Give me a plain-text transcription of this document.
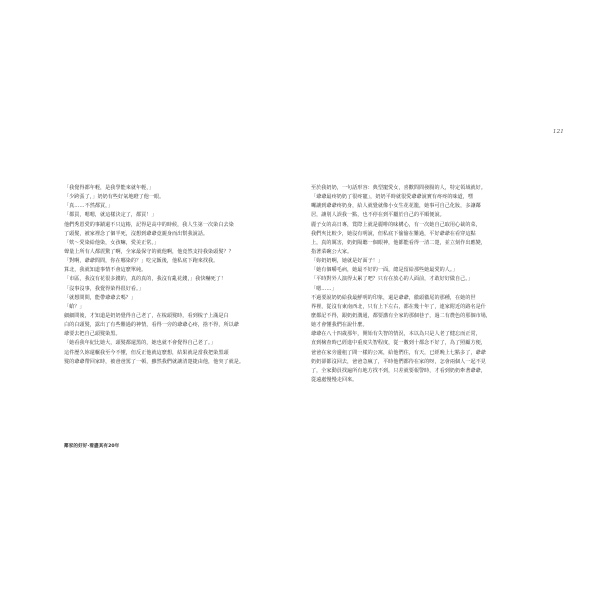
121
「我覺得都年輕，是我學能來就年輕，」
「少跨張了，」奶奶有些好氣地瞪了他一眼。
「真……不然都買，」
「都買，嗯嗯，就這樣決定了，都買！」
他們秀恩愛的事蹟還不只這樁，記得是高中的時候，我人生第一次染白去染
了頭髮，被家裡念了個半死，沒想到爺爺竟親身而出幫我說話。
「欸～愛染給他染，女孩嘛，愛美正常。」
聲量上所有人都震驚了啊，全家最保守的就他啊，他竟然支持我染頭髮？？
「對啊，爺爺問問，你在哪染的？」吃完飯後，他私底下跑來找我。
算北，我就知道事情不會這麼單純。
「市區，我沒有花很多錢的，真的真的，我沒有亂花錢，」我快嚇死了！
「沒事沒事，我覺得染得很好看。」
「就想問問，能帶爺爺去嗎？」
「蛤？」
細細問後，才知道是奶奶覺得自己老了，在梳頭髮時，看到梳子上滿是白
白的白頭髮，露出了有些難過的神情，看得一旁的爺爺心疼，捨不得，所以爺
爺要去把自己頭髮染黑。
「她看我年紀比她大，頭髮都還黑的，她也就不會覺得自己老了。」
這件歷久妳還輾我至今不懂，但反正他就這麼想，結果就是當我把染黑頭
髮的爺爺帶回家時，被爸爸罵了一頓，雖然我們就讓清楚捷由他，他突了就是。
至於我奶奶，一句話形容：典型寵愛女，喜歡問問發腸的人，特定領域就好。
「爺爺最疼奶奶了很疼寵」，奶奶平時就很愛爺爺說實有疼疼的味道，嘿
囉讓到爺爺疼奶身，給人就覺就像小女生花花籠，她事可自己化妝，多讓鄰
居，讓別人誤我一點，也不停在到平屬於自己的平順便說。
麗子女的高日專，賞際上就是麗啡的味構心，有一次她自己取用心裁的菜，
我們夾比較少，她沒有明說，但私底下偷偷在難過，平好爺爺在看穿這點
上，真的厲害，奶奶陽聽一個眼神，他都能看得一清二楚，並立刻作出應變，
指著菜碗公大家。
「妳奶奶啊，她就是好面子！」
「她有個嚼毛病，她最不好的一面，總是留給那些她最愛的人。」
「平時對外人演得太累了吧？只有在放心的人面前，才敢好好做自己。」
「嗯……」
不過要說奶奶給我最鮮明的印象，還是爺爺，徹頭徹尾的那種，在她的世
界裡，從沒有東南西北，只有上下左右，都在幾十年了，連家附近的路名是什
麼都記不得，跟奶奶溝通，都要講有全家的那個巷子，過二有農色的那個市場，
她才會懂我們在說什麼。
爺爺在八十四歲那年，開始有失智的情況，本以為只是人老了健忘而正常，
直到檢查時已經進中重度失智程度，從一數到十都念不好了，為了照顧方便，
爸爸在家旁邊租了間一樣的公寓，給他們住，有天，已經晚上七點多了，爺爺
奶奶卻都沒回去，爸爸急瘋了，平時他們都待在家的呀，怎會兩個人一起不見
了，全家動員找遍所有地方找不到，只差就要報警時，才看到奶奶牽著爺爺，
從遠處慢慢走回來。
鄰家的好好·看盡其有20年
